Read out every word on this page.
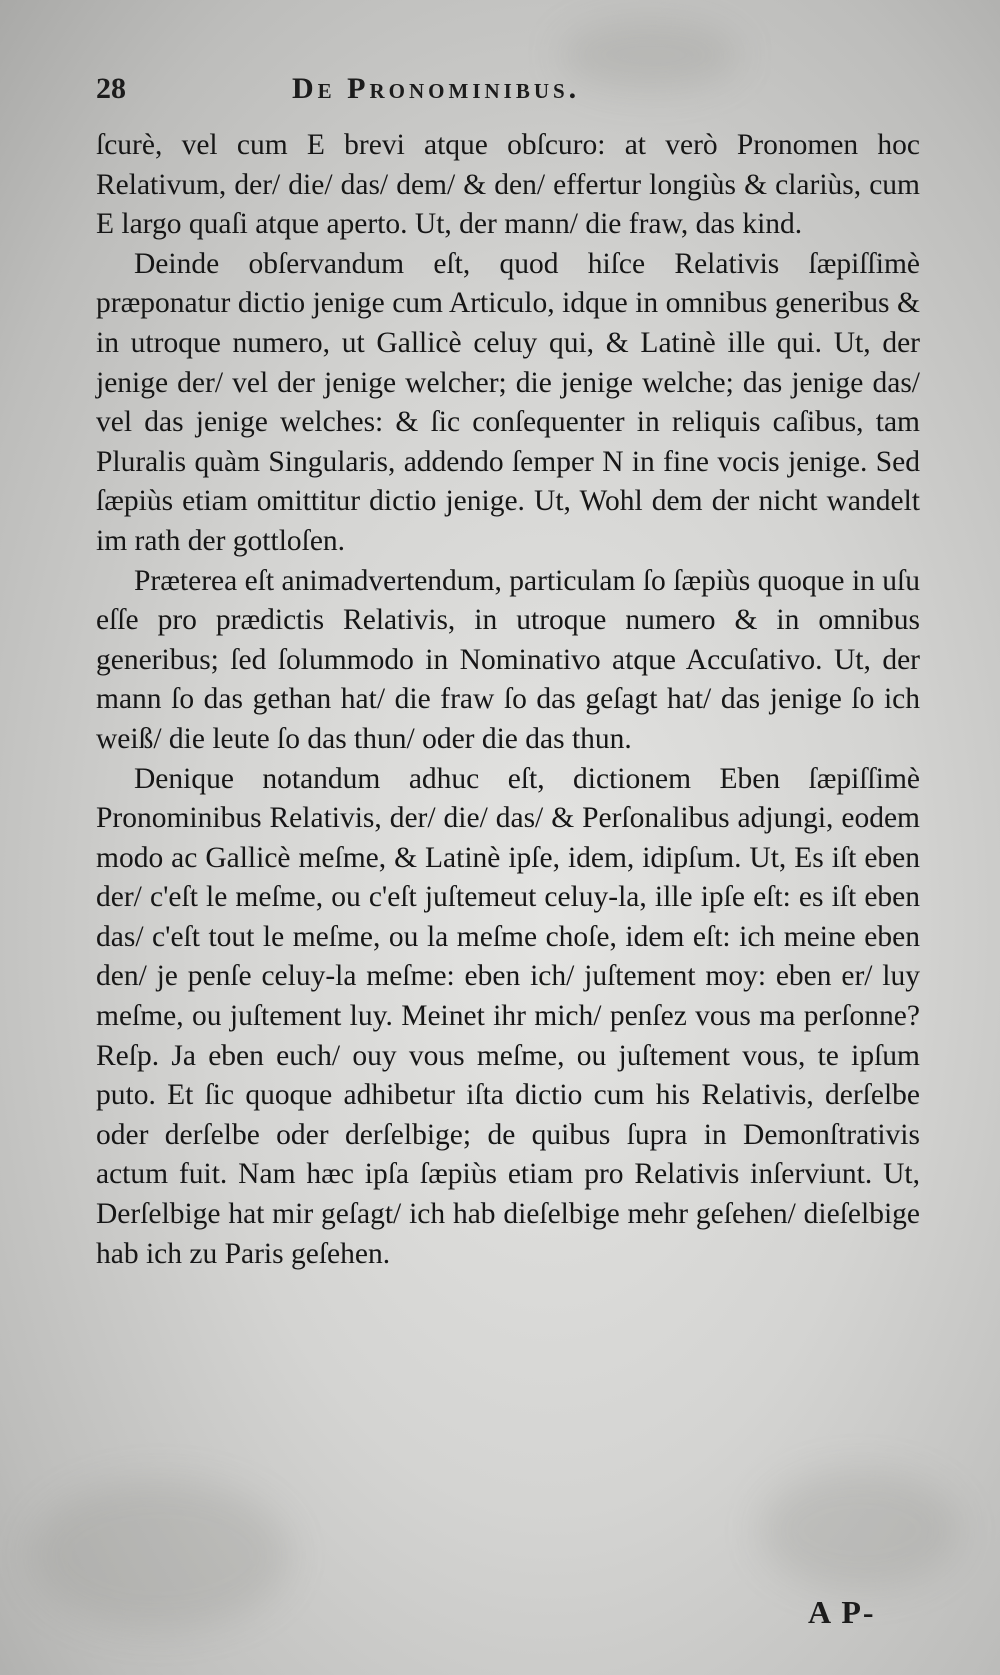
28	De Pronominibus.

ſcurè, vel cum E brevi atque obſcuro: at verò Pronomen hoc Relativum, der/ die/ das/ dem/ & den/ effertur longiùs & clariùs, cum E largo quaſi atque aperto. Ut, der mann/ die fraw, das kind.

Deinde obſervandum eſt, quod hiſce Relativis ſæpiſſimè præponatur dictio jenige cum Articulo, idque in omnibus generibus & in utroque numero, ut Gallicè celuy qui, & Latinè ille qui. Ut, der jenige der/ vel der jenige welcher; die jenige welche; das jenige das/ vel das jenige welches: & ſic conſequenter in reliquis caſibus, tam Pluralis quàm Singularis, addendo ſemper N in fine vocis jenige. Sed ſæpiùs etiam omittitur dictio jenige. Ut, Wohl dem der nicht wandelt im rath der gottloſen.

Præterea eſt animadvertendum, particulam ſo ſæpiùs quoque in uſu eſſe pro prædictis Relativis, in utroque numero & in omnibus generibus; ſed ſolummodo in Nominativo atque Accuſativo. Ut, der mann ſo das gethan hat/ die fraw ſo das geſagt hat/ das jenige ſo ich weiß/ die leute ſo das thun/ oder die das thun.

Denique notandum adhuc eſt, dictionem Eben ſæpiſſimè Pronominibus Relativis, der/ die/ das/ & Perſonalibus adjungi, eodem modo ac Gallicè meſme, & Latinè ipſe, idem, idipſum. Ut, Es iſt eben der/ c'eſt le meſme, ou c'eſt juſtemeut celuy-la, ille ipſe eſt: es iſt eben das/ c'eſt tout le meſme, ou la meſme choſe, idem eſt: ich meine eben den/ je penſe celuy-la meſme: eben ich/ juſtement moy: eben er/ luy meſme, ou juſtement luy. Meinet ihr mich/ penſez vous ma perſonne? Reſp. Ja eben euch/ ouy vous meſme, ou juſtement vous, te ipſum puto. Et ſic quoque adhibetur iſta dictio cum his Relativis, derſelbe oder derſelbe oder derſelbige; de quibus ſupra in Demonſtrativis actum fuit. Nam hæc ipſa ſæpiùs etiam pro Relativis inſerviunt. Ut, Derſelbige hat mir geſagt/ ich hab dieſelbige mehr geſehen/ dieſelbige hab ich zu Paris geſehen.

A P-
